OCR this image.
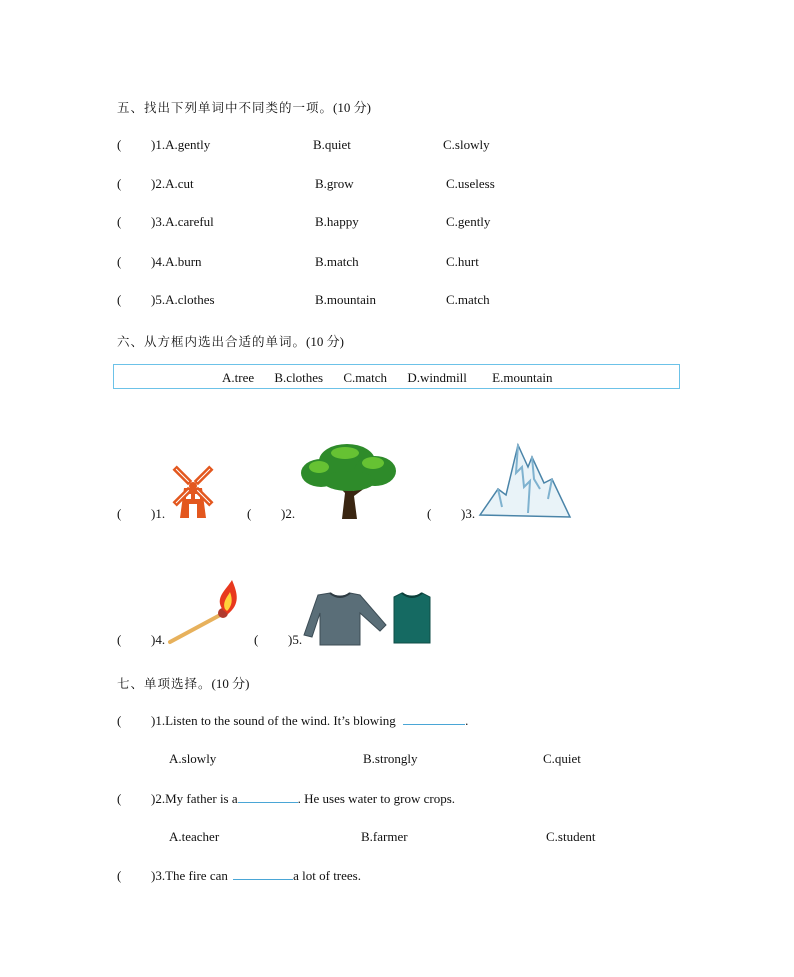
五、找出下列单词中不同类的一项。(10 分)
( )1.A.gently	B.quiet	C.slowly
( )2.A.cut	B.grow	C.useless
( )3.A.careful	B.happy	C.gently
( )4.A.burn	B.match	C.hurt
( )5.A.clothes	B.mountain	C.match
六、从方框内选出合适的单词。(10 分)
A.tree B.clothes C.match D.windmill E.mountain
( )1.	( )2.	( )3.
( )4.	( )5.
七、单项选择。(10 分)
( )1.Listen to the sound of the wind. It’s blowing	.
A.slowly	B.strongly	C.quiet
( )2.My father is a	. He uses water to grow crops.
A.teacher	B.farmer	C.student
( )3.The fire can	a lot of trees.
